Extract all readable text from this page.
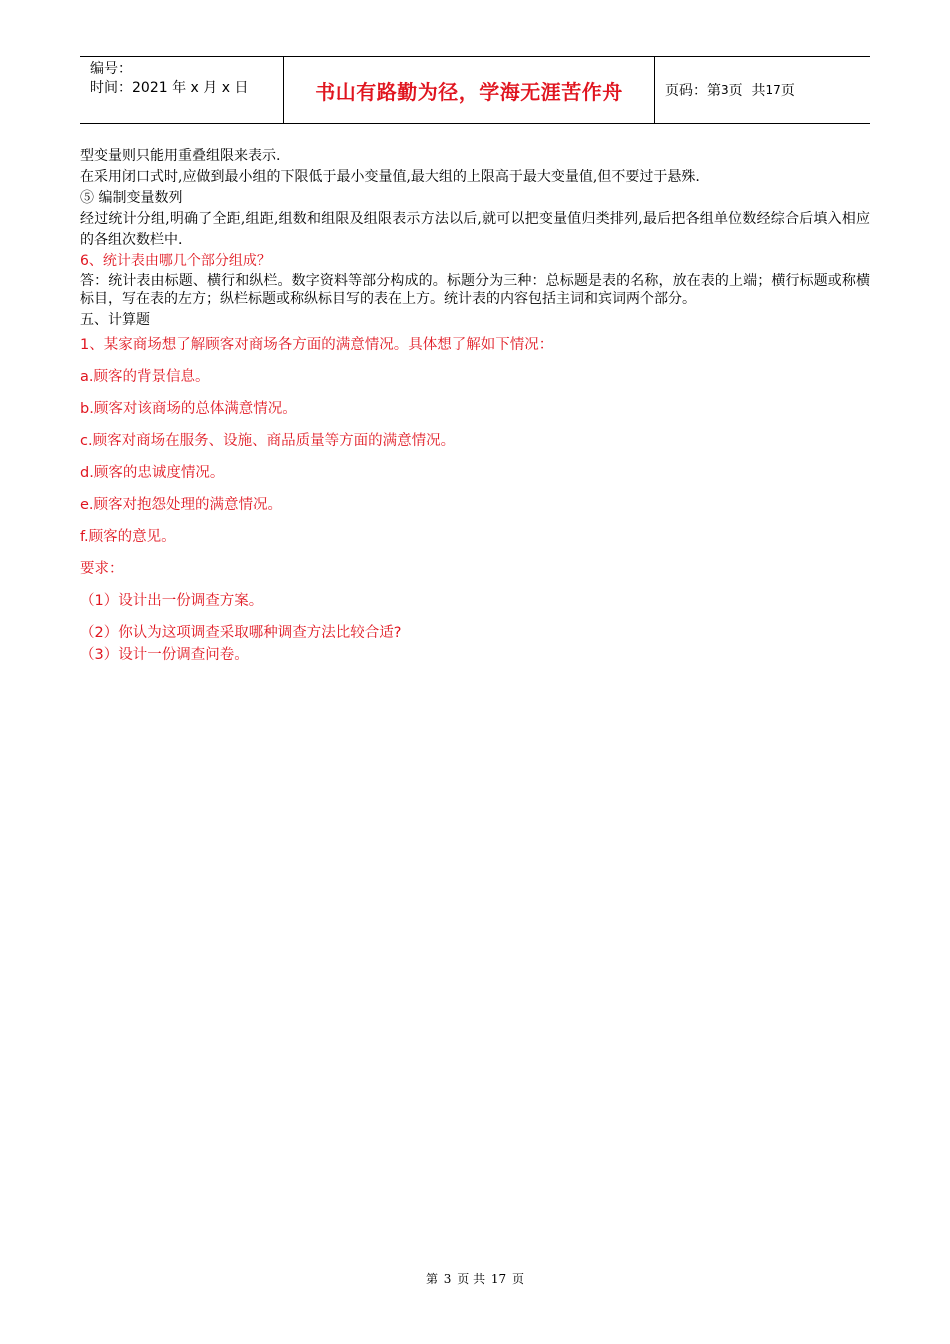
编号：
时间：2021 年 x 月 x 日	书山有路勤为径，学海无涯苦作舟	页码：第 3 页  共 17 页

型变量则只能用重叠组限来表示.

在采用闭口式时,应做到最小组的下限低于最小变量值,最大组的上限高于最大变量值,但不要过于悬殊.

⑤ 编制变量数列

经过统计分组,明确了全距,组距,组数和组限及组限表示方法以后,就可以把变量值归类排列,最后把各组单位数经综合后填入相应的各组次数栏中.

6、统计表由哪几个部分组成？

答：统计表由标题、横行和纵栏。数字资料等部分构成的。标题分为三种：总标题是表的名称，放在表的上端；横行标题或称横标目，写在表的左方；纵栏标题或称纵标目写的表在上方。统计表的内容包括主词和宾词两个部分。

五、计算题

1、某家商场想了解顾客对商场各方面的满意情况。具体想了解如下情况：

a.顾客的背景信息。

b.顾客对该商场的总体满意情况。

c.顾客对商场在服务、设施、商品质量等方面的满意情况。

d.顾客的忠诚度情况。

e.顾客对抱怨处理的满意情况。

f.顾客的意见。

要求：

（1）设计出一份调查方案。

（2）你认为这项调查采取哪种调查方法比较合适?

（3）设计一份调查问卷。

第 3 页 共 17 页
